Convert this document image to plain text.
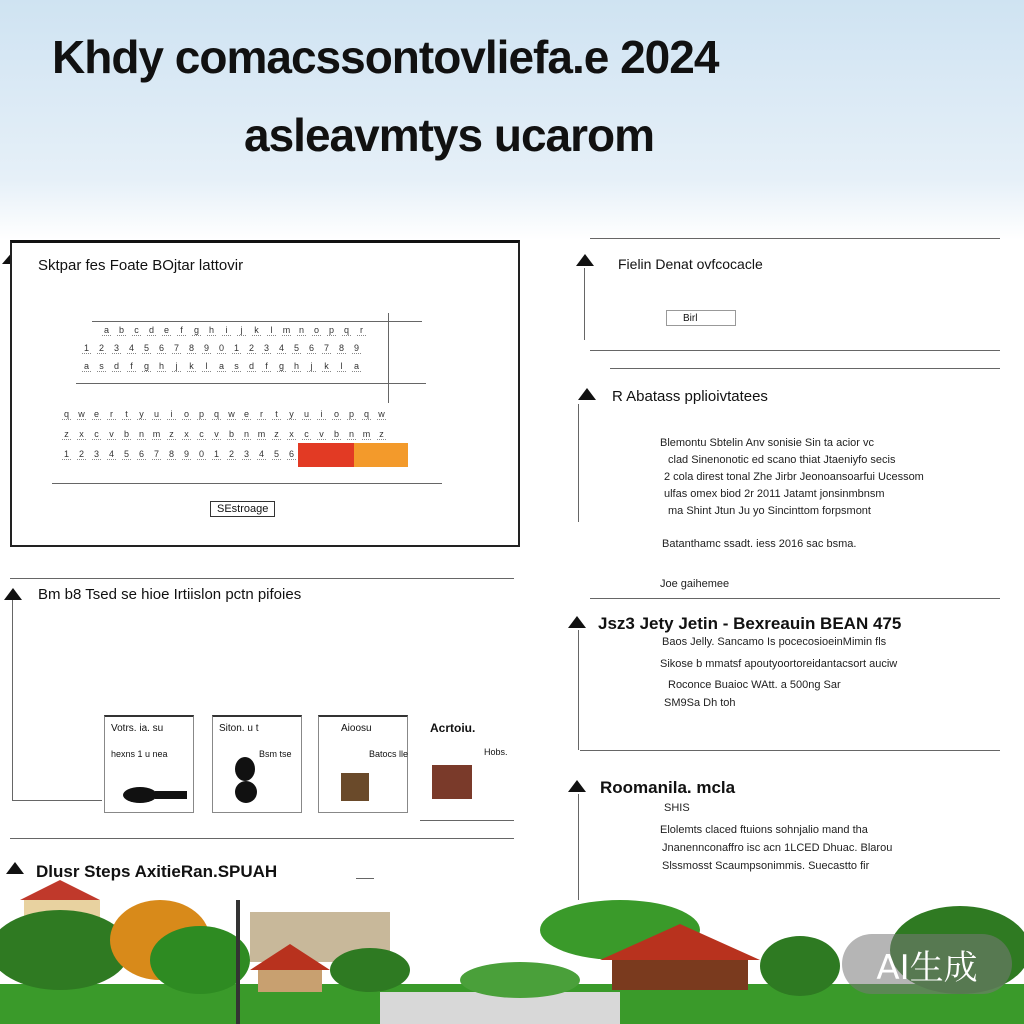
Khdy comacssontovliefa.e 2024
asleavmtys ucarom
Sktpar fes Foate BOjtar lattovir
a b c d e	f	g h	i	j	k	l	m n o p q	r
1 2 3 4 5 6 7 8 9 0 1 2 3 4 5 6 7 8 9
a s d	f	g h	j	k	l	a s d	f	g h	j	k	l	a
q w e	r	t	y u	i	o p q w e	r	t	y u	i	o p q w
z x c v b n m z x c v b n m z x c v b n m z
1 2 3 4 5 6 7 8 9 0 1 2 3 4 5 6
SEstroage
Fielin Denat ovfcocacle
Birl
R Abatass pplioivtatees
Blemontu Sbtelin Anv sonisie Sin ta acior vc
clad Sinenonotic ed scano thiat Jtaeniyfo secis
2 cola direst tonal Zhe Jirbr Jeonoansoarfui Ucessom
ulfas omex biod 2r 2011 Jatamt jonsinmbnsm
ma Shint Jtun Ju yo Sincinttom forpsmont
Batanthamc ssadt. iess 2016 sac bsma.
Joe gaihemee
Jsz3 Jety Jetin - Bexreauin BEAN 475
Baos Jelly. Sancamo Is pocecosioeinMimin fls
Sikose b mmatsf apoutyoortoreidantacsort auciw
Roconce Buaioc WAtt. a 500ng Sar
SM9Sa Dh toh
Roomanila. mcla
SHIS
Elolemts claced ftuions sohnjalio mand tha
Jnanennconaffro isc acn 1LCED Dhuac. Blarou
Slssmosst Scaumpsonimmis. Suecastto fir
Bm b8 Tsed se hioe Irtiislon pctn pifoies
Votrs. ia. su
hexns 1 u nea
Siton. u t
Bsm tse
Aioosu
Batocs lle
Acrtoiu.
Hobs.
Dlusr Steps AxitieRan.SPUAH
AI生成
